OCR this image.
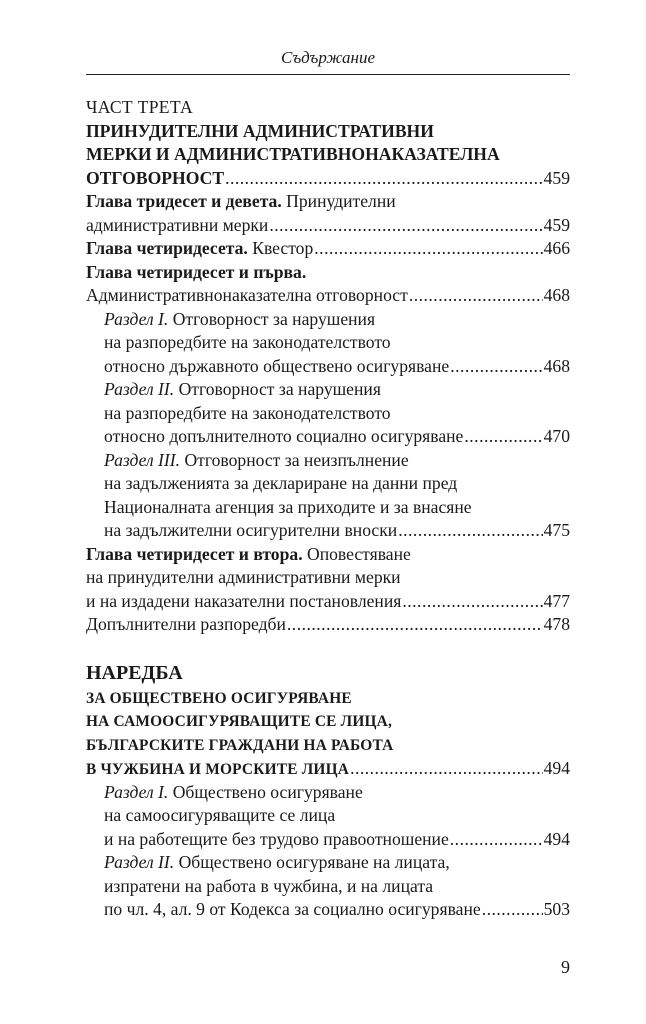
Съдържание
ЧАСТ ТРЕТА
ПРИНУДИТЕЛНИ АДМИНИСТРАТИВНИ
МЕРКИ И АДМИНИСТРАТИВНОНАКАЗАТЕЛНА
ОТГОВОРНОСТ .....	459
Глава тридесет и девета. Принудителни
административни мерки .....	459
Глава четиридесета. Квестор .....	466
Глава четиридесет и първа.
Административнонаказателна отговорност .....	468
Раздел I. Отговорност за нарушения
на разпоредбите на законодателството
относно държавното обществено осигуряване .....	468
Раздел II. Отговорност за нарушения
на разпоредбите на законодателството
относно допълнителното социално осигуряване .....	470
Раздел III. Отговорност за неизпълнение
на задълженията за деклариране на данни пред
Националната агенция за приходите и за внасяне
на задължителни осигурителни вноски .....	475
Глава четиридесет и втора. Оповестяване
на принудителни административни мерки
и на издадени наказателни постановления .....	477
Допълнителни разпоредби .....	478
НАРЕДБА
ЗА ОБЩЕСТВЕНО ОСИГУРЯВАНЕ
НА САМООСИГУРЯВАЩИТЕ СЕ ЛИЦА,
БЪЛГАРСКИТЕ ГРАЖДАНИ НА РАБОТА
В ЧУЖБИНА И МОРСКИТЕ ЛИЦА .....	494
Раздел I. Обществено осигуряване
на самоосигуряващите се лица
и на работещите без трудово правоотношение .....	494
Раздел II. Обществено осигуряване на лицата,
изпратени на работа в чужбина, и на лицата
по чл. 4, ал. 9 от Кодекса за социално осигуряване .....	503
9
